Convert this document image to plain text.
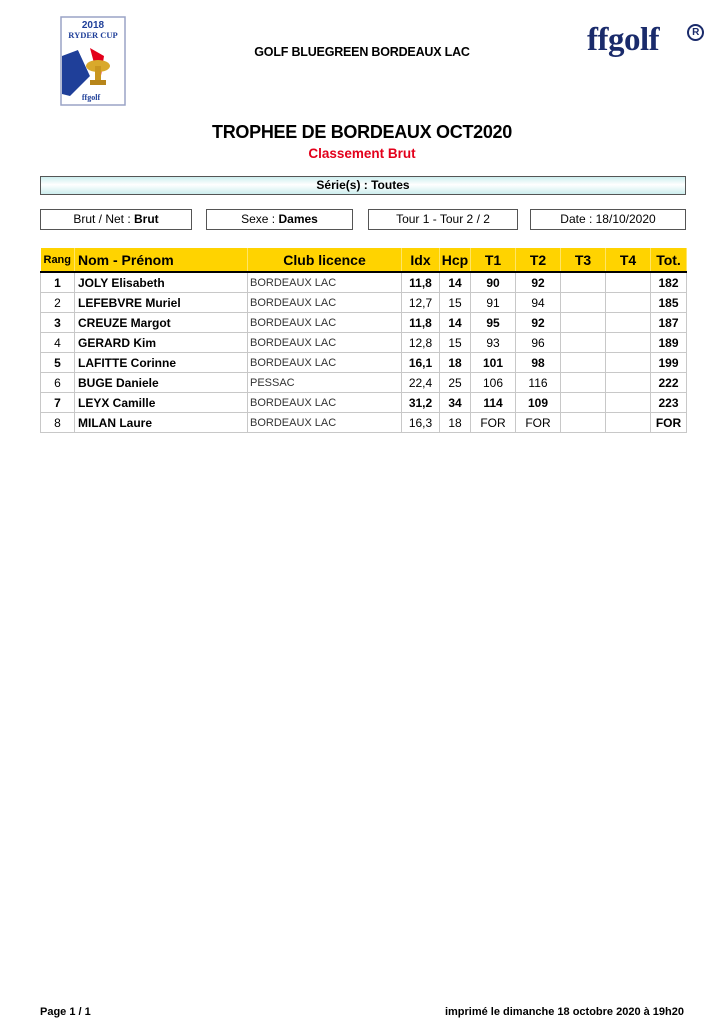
2018
RYDER CUP
ffgolf
GOLF BLUEGREEN BORDEAUX LAC	ffgolf	R
TROPHEE DE BORDEAUX OCT2020
Classement Brut
Série(s) : Toutes
Brut / Net : Brut	Sexe : Dames	Tour 1 - Tour 2 / 2	Date : 18/10/2020
Rang	Nom - Prénom	Club licence	Idx	Hcp	T1	T2	T3	T4	Tot.
1	JOLY Elisabeth	BORDEAUX LAC	11,8	14	90	92			182
2	LEFEBVRE Muriel	BORDEAUX LAC	12,7	15	91	94			185
3	CREUZE Margot	BORDEAUX LAC	11,8	14	95	92			187
4	GERARD Kim	BORDEAUX LAC	12,8	15	93	96			189
5	LAFITTE Corinne	BORDEAUX LAC	16,1	18	101	98			199
6	BUGE Daniele	PESSAC	22,4	25	106	116			222
7	LEYX Camille	BORDEAUX LAC	31,2	34	114	109			223
8	MILAN Laure	BORDEAUX LAC	16,3	18	FOR	FOR			FOR
Page 1 / 1	imprimé le dimanche 18 octobre 2020 à 19h20
